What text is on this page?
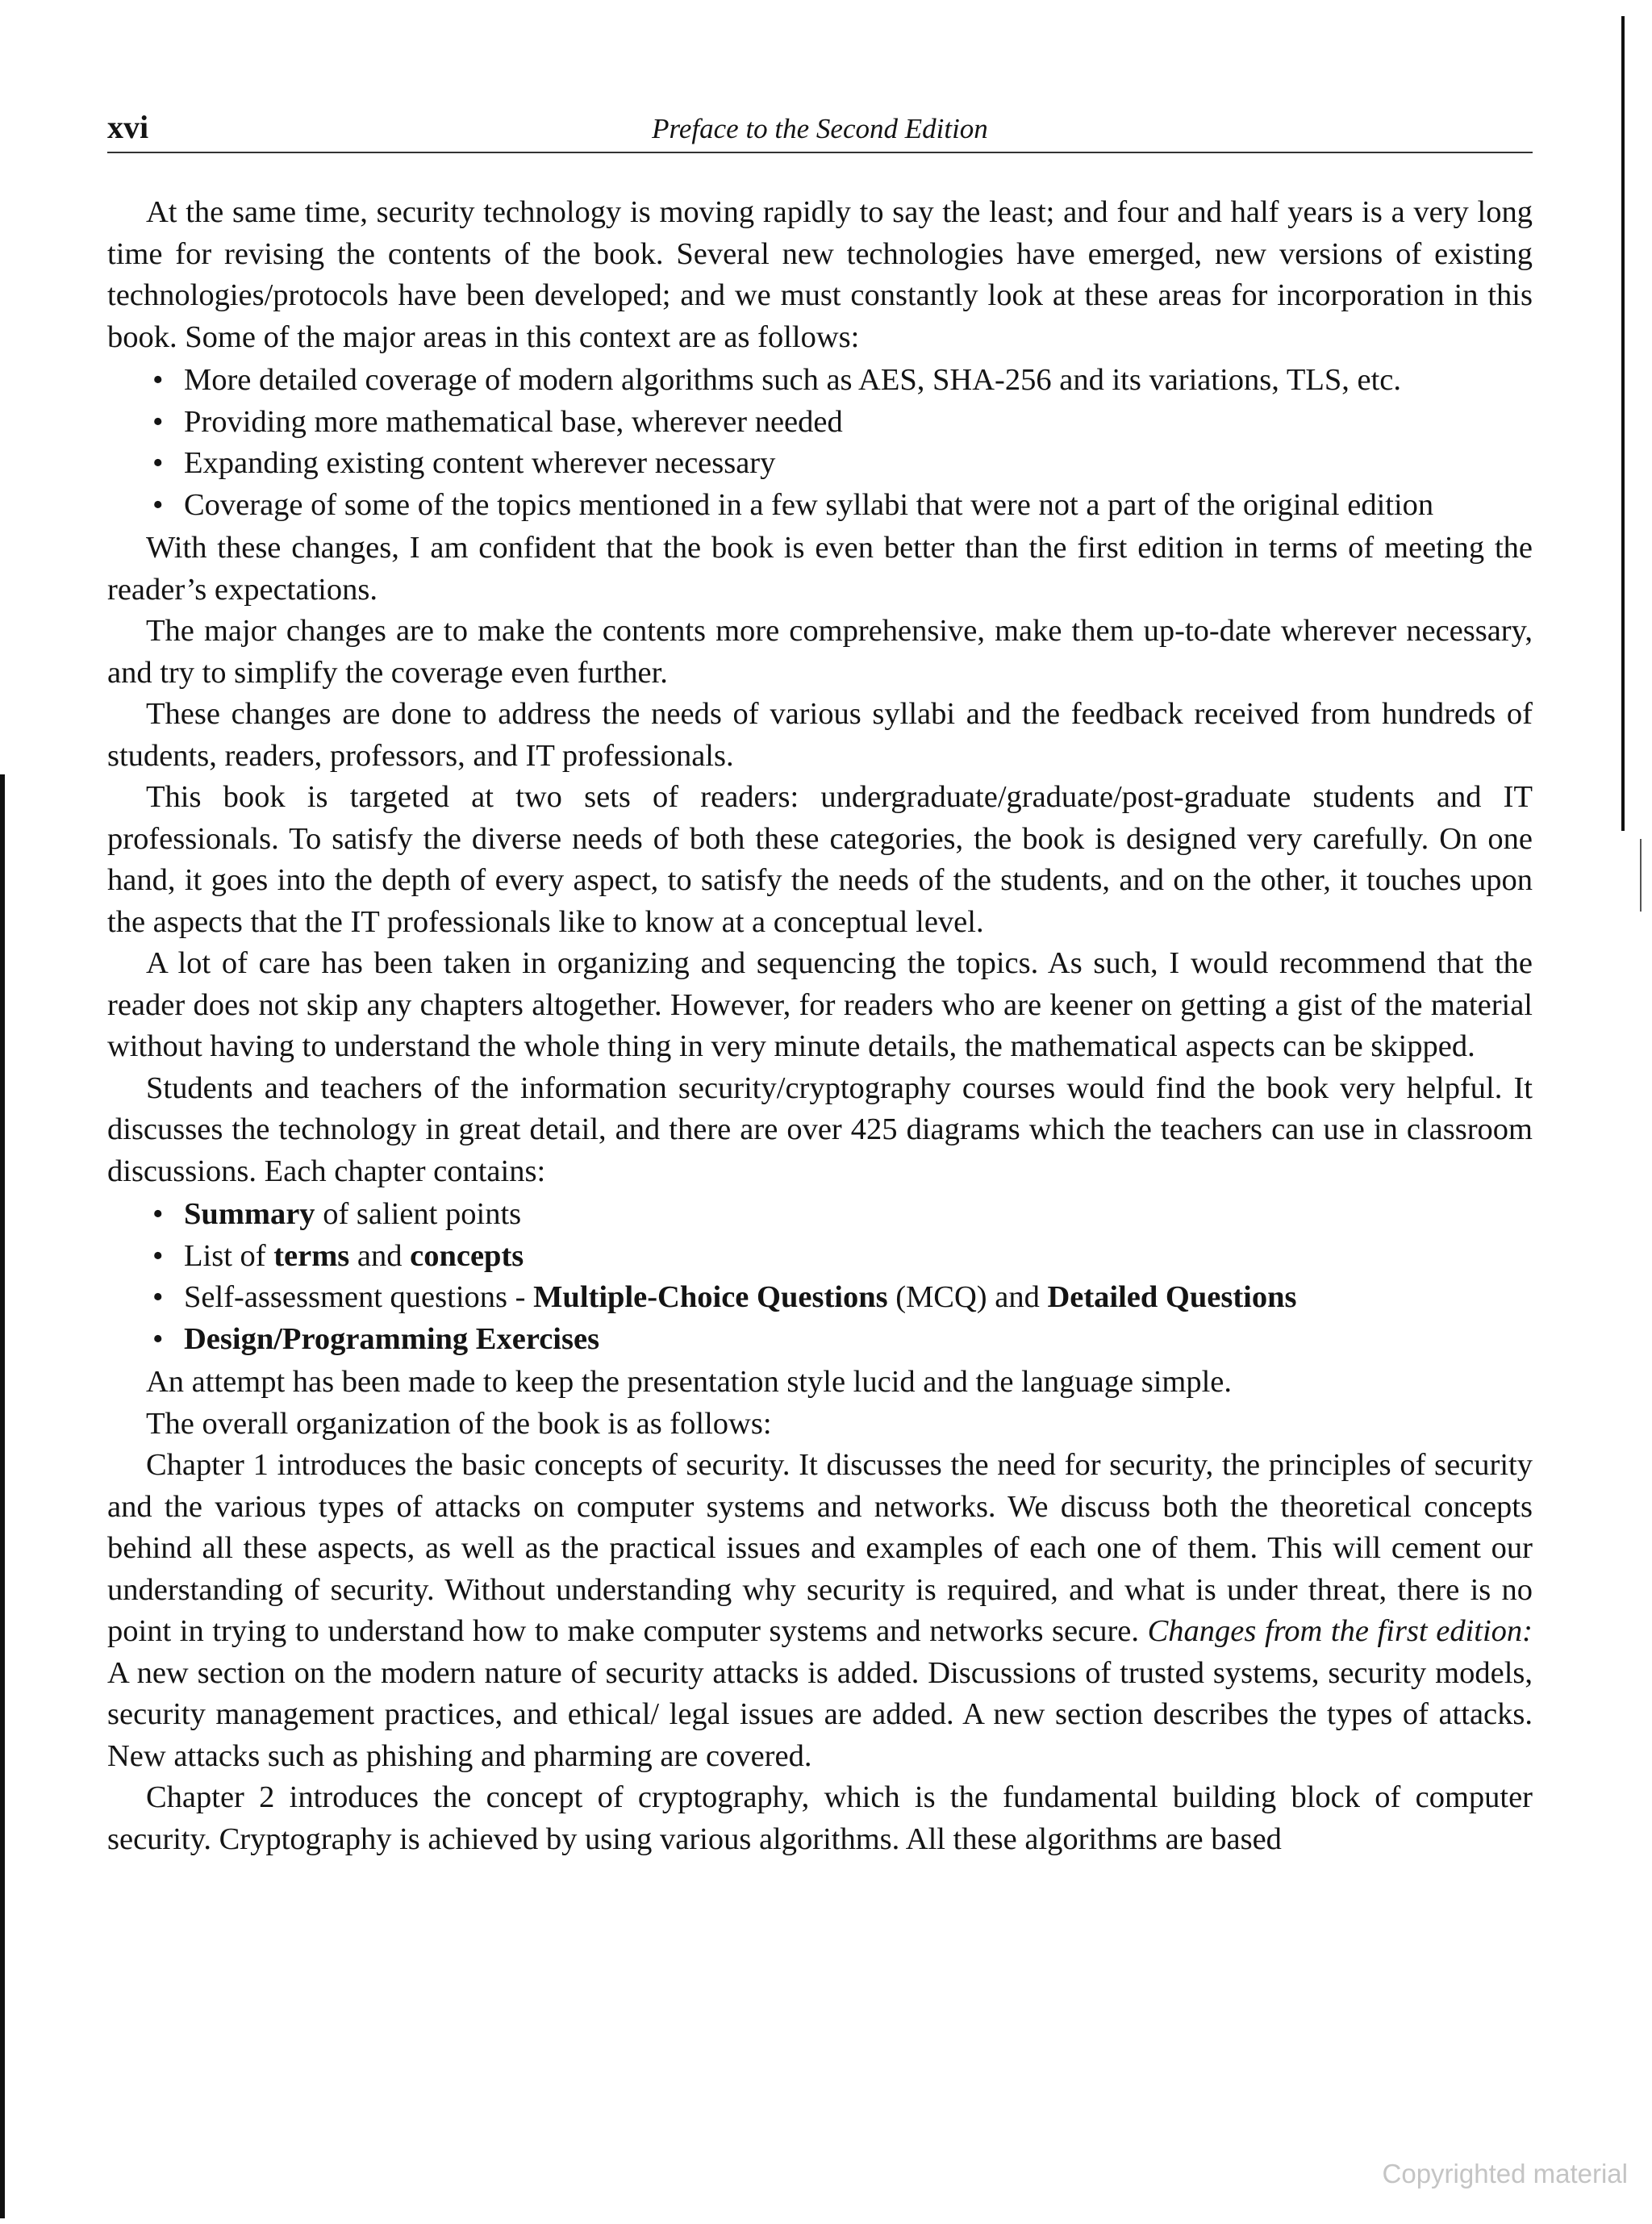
xvi	Preface to the Second Edition

At the same time, security technology is moving rapidly to say the least; and four and half years is a very long time for revising the contents of the book. Several new technologies have emerged, new versions of existing technologies/protocols have been developed; and we must constantly look at these areas for incorporation in this book. Some of the major areas in this context are as follows:

• More detailed coverage of modern algorithms such as AES, SHA-256 and its variations, TLS, etc.
• Providing more mathematical base, wherever needed
• Expanding existing content wherever necessary
• Coverage of some of the topics mentioned in a few syllabi that were not a part of the original edition

With these changes, I am confident that the book is even better than the first edition in terms of meeting the reader’s expectations.

The major changes are to make the contents more comprehensive, make them up-to-date wherever necessary, and try to simplify the coverage even further.

These changes are done to address the needs of various syllabi and the feedback received from hundreds of students, readers, professors, and IT professionals.

This book is targeted at two sets of readers: undergraduate/graduate/post-graduate students and IT professionals. To satisfy the diverse needs of both these categories, the book is designed very carefully. On one hand, it goes into the depth of every aspect, to satisfy the needs of the students, and on the other, it touches upon the aspects that the IT professionals like to know at a conceptual level.

A lot of care has been taken in organizing and sequencing the topics. As such, I would recommend that the reader does not skip any chapters altogether. However, for readers who are keener on getting a gist of the material without having to understand the whole thing in very minute details, the mathematical aspects can be skipped.

Students and teachers of the information security/cryptography courses would find the book very helpful. It discusses the technology in great detail, and there are over 425 diagrams which the teachers can use in classroom discussions. Each chapter contains:

• Summary of salient points
• List of terms and concepts
• Self-assessment questions - Multiple-Choice Questions (MCQ) and Detailed Questions
• Design/Programming Exercises

An attempt has been made to keep the presentation style lucid and the language simple.

The overall organization of the book is as follows:

Chapter 1 introduces the basic concepts of security. It discusses the need for security, the principles of security and the various types of attacks on computer systems and networks. We discuss both the theoretical concepts behind all these aspects, as well as the practical issues and examples of each one of them. This will cement our understanding of security. Without understanding why security is required, and what is under threat, there is no point in trying to understand how to make computer systems and networks secure. Changes from the first edition: A new section on the modern nature of security attacks is added. Discussions of trusted systems, security models, security management practices, and ethical/ legal issues are added. A new section describes the types of attacks. New attacks such as phishing and pharming are covered.

Chapter 2 introduces the concept of cryptography, which is the fundamental building block of computer security. Cryptography is achieved by using various algorithms. All these algorithms are based

Copyrighted material
